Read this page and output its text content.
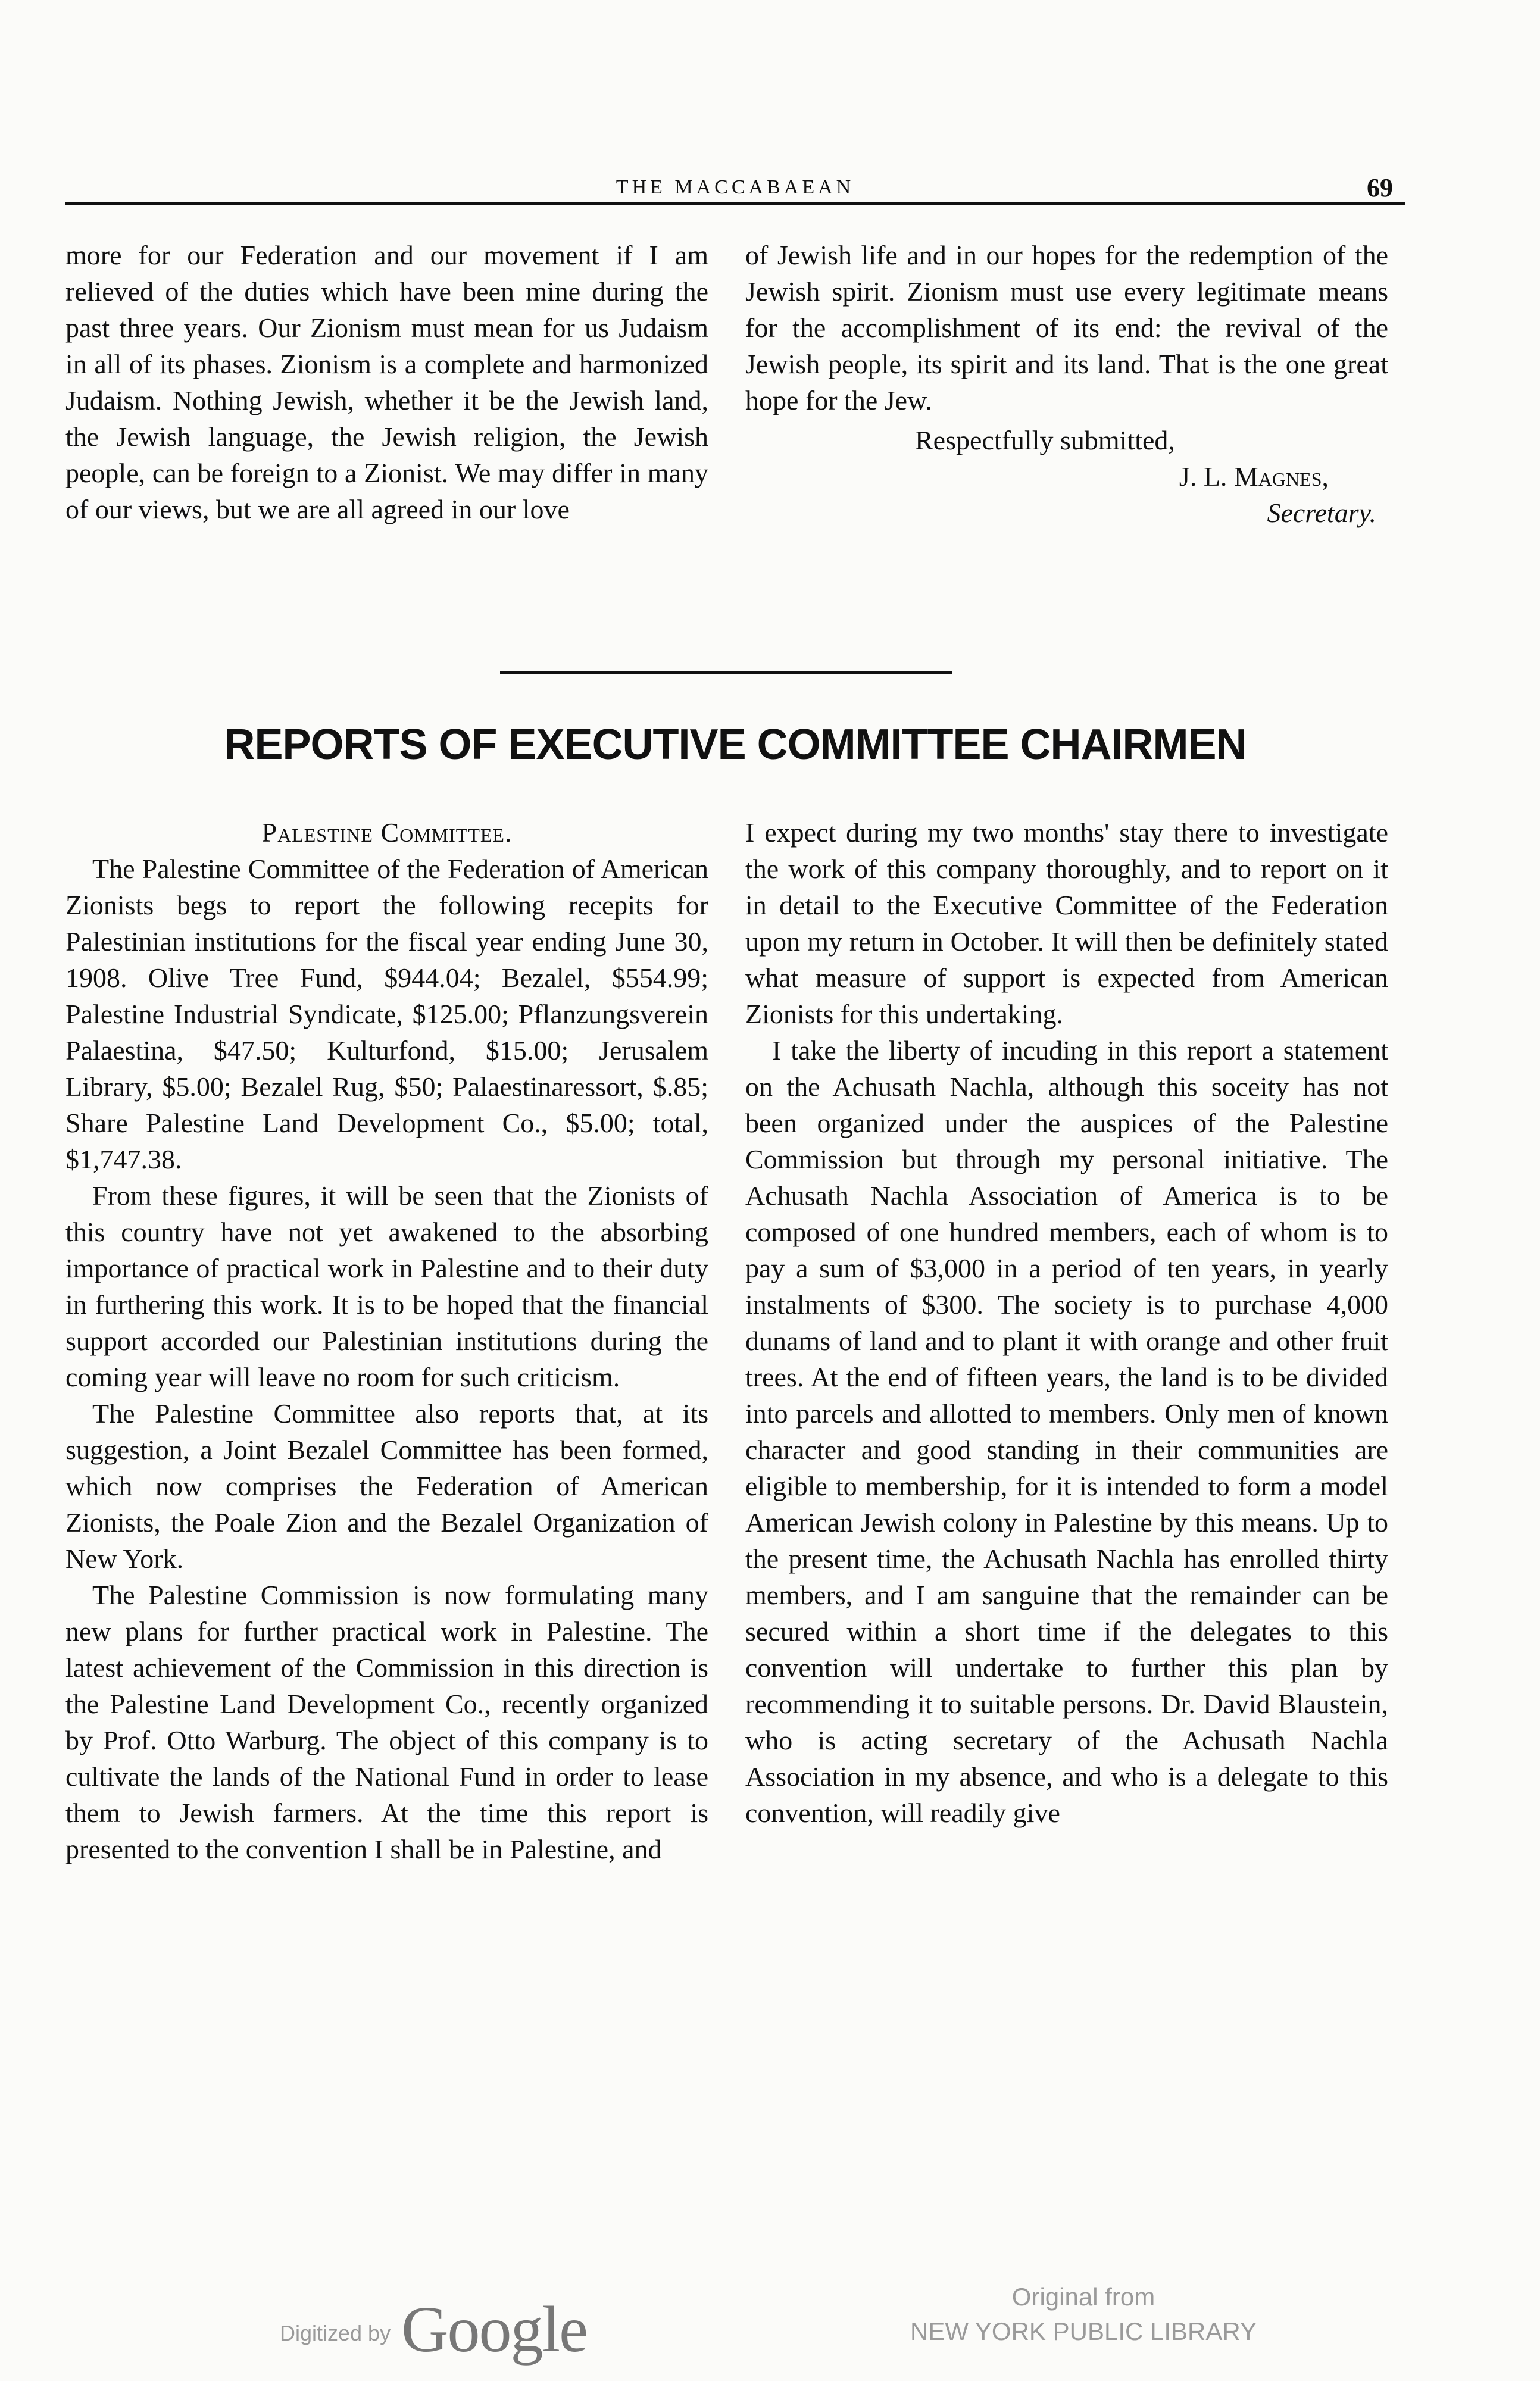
THE MACCABAEAN	69

more for our Federation and our movement if I am relieved of the duties which have been mine during the past three years. Our Zionism must mean for us Judaism in all of its phases. Zionism is a complete and harmonized Judaism. Nothing Jewish, whether it be the Jewish land, the Jewish language, the Jewish religion, the Jewish people, can be foreign to a Zionist. We may differ in many of our views, but we are all agreed in our love

of Jewish life and in our hopes for the redemption of the Jewish spirit. Zionism must use every legitimate means for the accomplishment of its end: the revival of the Jewish people, its spirit and its land. That is the one great hope for the Jew.

Respectfully submitted,
J. L. Magnes,
Secretary.
REPORTS OF EXECUTIVE COMMITTEE CHAIRMEN
Palestine Committee.

The Palestine Committee of the Federation of American Zionists begs to report the following recepits for Palestinian institutions for the fiscal year ending June 30, 1908. Olive Tree Fund, $944.04; Bezalel, $554.99; Palestine Industrial Syndicate, $125.00; Pflanzungsverein Palaestina, $47.50; Kulturfond, $15.00; Jerusalem Library, $5.00; Bezalel Rug, $50; Palaestinaressort, $.85; Share Palestine Land Development Co., $5.00; total, $1,747.38.

From these figures, it will be seen that the Zionists of this country have not yet awakened to the absorbing importance of practical work in Palestine and to their duty in furthering this work. It is to be hoped that the financial support accorded our Palestinian institutions during the coming year will leave no room for such criticism.

The Palestine Committee also reports that, at its suggestion, a Joint Bezalel Committee has been formed, which now comprises the Federation of American Zionists, the Poale Zion and the Bezalel Organization of New York.

The Palestine Commission is now formulating many new plans for further practical work in Palestine. The latest achievement of the Commission in this direction is the Palestine Land Development Co., recently organized by Prof. Otto Warburg. The object of this company is to cultivate the lands of the National Fund in order to lease them to Jewish farmers. At the time this report is presented to the convention I shall be in Palestine, and

I expect during my two months' stay there to investigate the work of this company thoroughly, and to report on it in detail to the Executive Committee of the Federation upon my return in October. It will then be definitely stated what measure of support is expected from American Zionists for this undertaking.

I take the liberty of incuding in this report a statement on the Achusath Nachla, although this soceity has not been organized under the auspices of the Palestine Commission but through my personal initiative. The Achusath Nachla Association of America is to be composed of one hundred members, each of whom is to pay a sum of $3,000 in a period of ten years, in yearly instalments of $300. The society is to purchase 4,000 dunams of land and to plant it with orange and other fruit trees. At the end of fifteen years, the land is to be divided into parcels and allotted to members. Only men of known character and good standing in their communities are eligible to membership, for it is intended to form a model American Jewish colony in Palestine by this means. Up to the present time, the Achusath Nachla has enrolled thirty members, and I am sanguine that the remainder can be secured within a short time if the delegates to this convention will undertake to further this plan by recommending it to suitable persons. Dr. David Blaustein, who is acting secretary of the Achusath Nachla Association in my absence, and who is a delegate to this convention, will readily give

Digitized by Google	Original from
NEW YORK PUBLIC LIBRARY
